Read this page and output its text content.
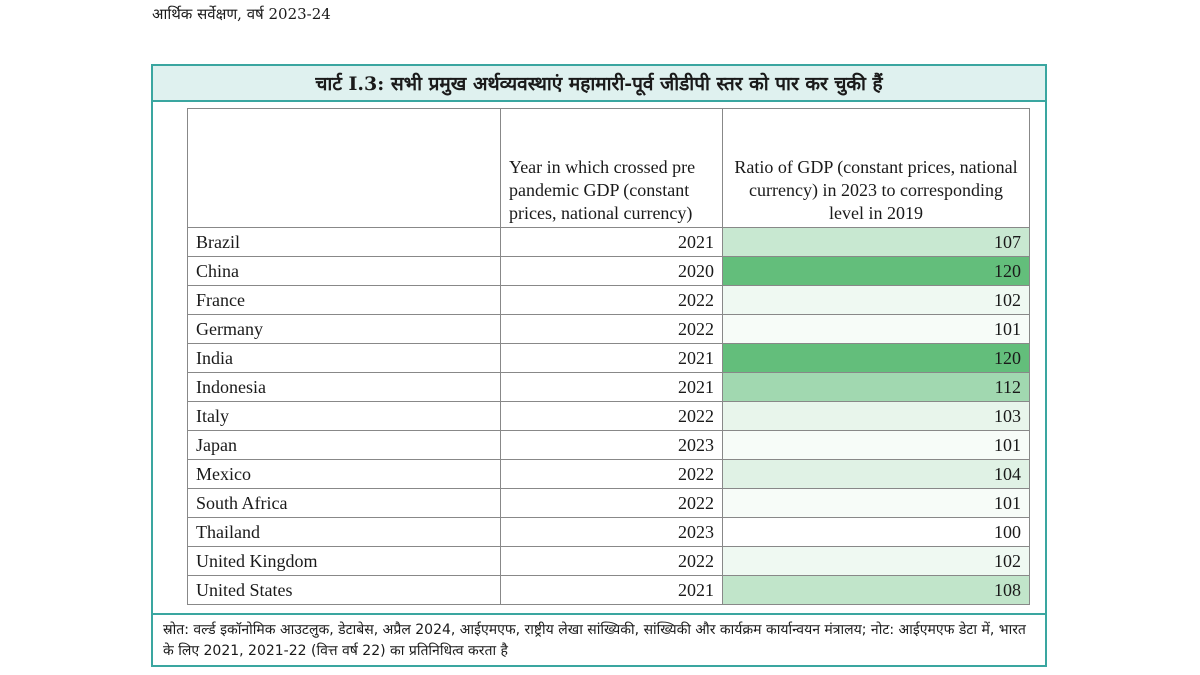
आर्थिक सर्वेक्षण, वर्ष 2023-24
चार्ट I.3: सभी प्रमुख अर्थव्यवस्थाएं महामारी-पूर्व जीडीपी स्तर को पार कर चुकी हैं
	Year in which crossed pre pandemic GDP (constant prices, national currency)	Ratio of GDP (constant prices, national currency) in 2023 to corresponding level in 2019
Brazil	2021	107
China	2020	120
France	2022	102
Germany	2022	101
India	2021	120
Indonesia	2021	112
Italy	2022	103
Japan	2023	101
Mexico	2022	104
South Africa	2022	101
Thailand	2023	100
United Kingdom	2022	102
United States	2021	108
स्रोत: वर्ल्ड इकॉनोमिक आउटलुक, डेटाबेस, अप्रैल 2024, आईएमएफ, राष्ट्रीय लेखा सांख्यिकी, सांख्यिकी और कार्यक्रम कार्यान्वयन मंत्रालय; नोट: आईएमएफ डेटा में, भारत के लिए 2021, 2021-22 (वित्त वर्ष 22) का प्रतिनिधित्व करता है
